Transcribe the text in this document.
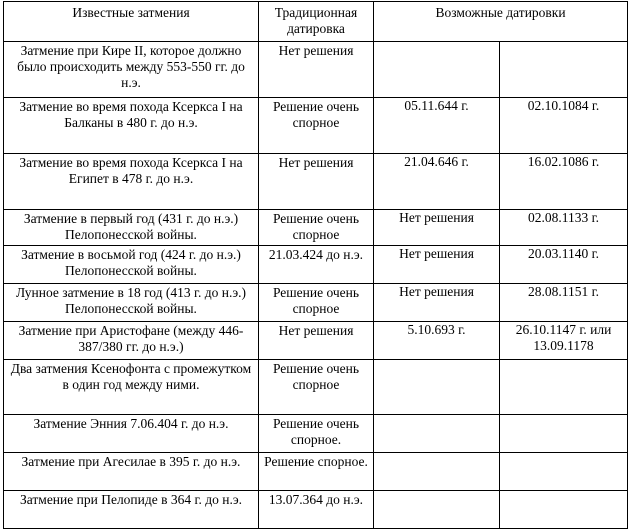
Известные затмения	Традиционная датировка	Возможные датировки	
Затмение при Кире II, которое должно было происходить между 553-550 гг. до н.э.	Нет решения		
Затмение во время похода Ксеркса I на Балканы в 480 г. до н.э.	Решение очень спорное	05.11.644 г.	02.10.1084 г.
Затмение во время похода Ксеркса I на Египет в 478 г. до н.э.	Нет решения	21.04.646 г.	16.02.1086 г.
Затмение в первый год (431 г. до н.э.) Пелопонесской войны.	Решение очень спорное	Нет решения	02.08.1133 г.
Затмение в восьмой год (424 г. до н.э.) Пелопонесской войны.	21.03.424 до н.э.	Нет решения	20.03.1140 г.
Лунное затмение в 18 год (413 г. до н.э.) Пелопонесской войны.	Решение очень спорное	Нет решения	28.08.1151 г.
Затмение при Аристофане (между 446-387/380 гг. до н.э.)	Нет решения	5.10.693 г.	26.10.1147 г. или 13.09.1178
Два затмения Ксенофонта с промежутком в один год между ними.	Решение очень спорное		
Затмение Энния 7.06.404 г. до н.э.	Решение очень спорное.		
Затмение при Агесилае в 395 г. до н.э.	Решение спорное.		
Затмение при Пелопиде в 364 г. до н.э.	13.07.364 до н.э.		
